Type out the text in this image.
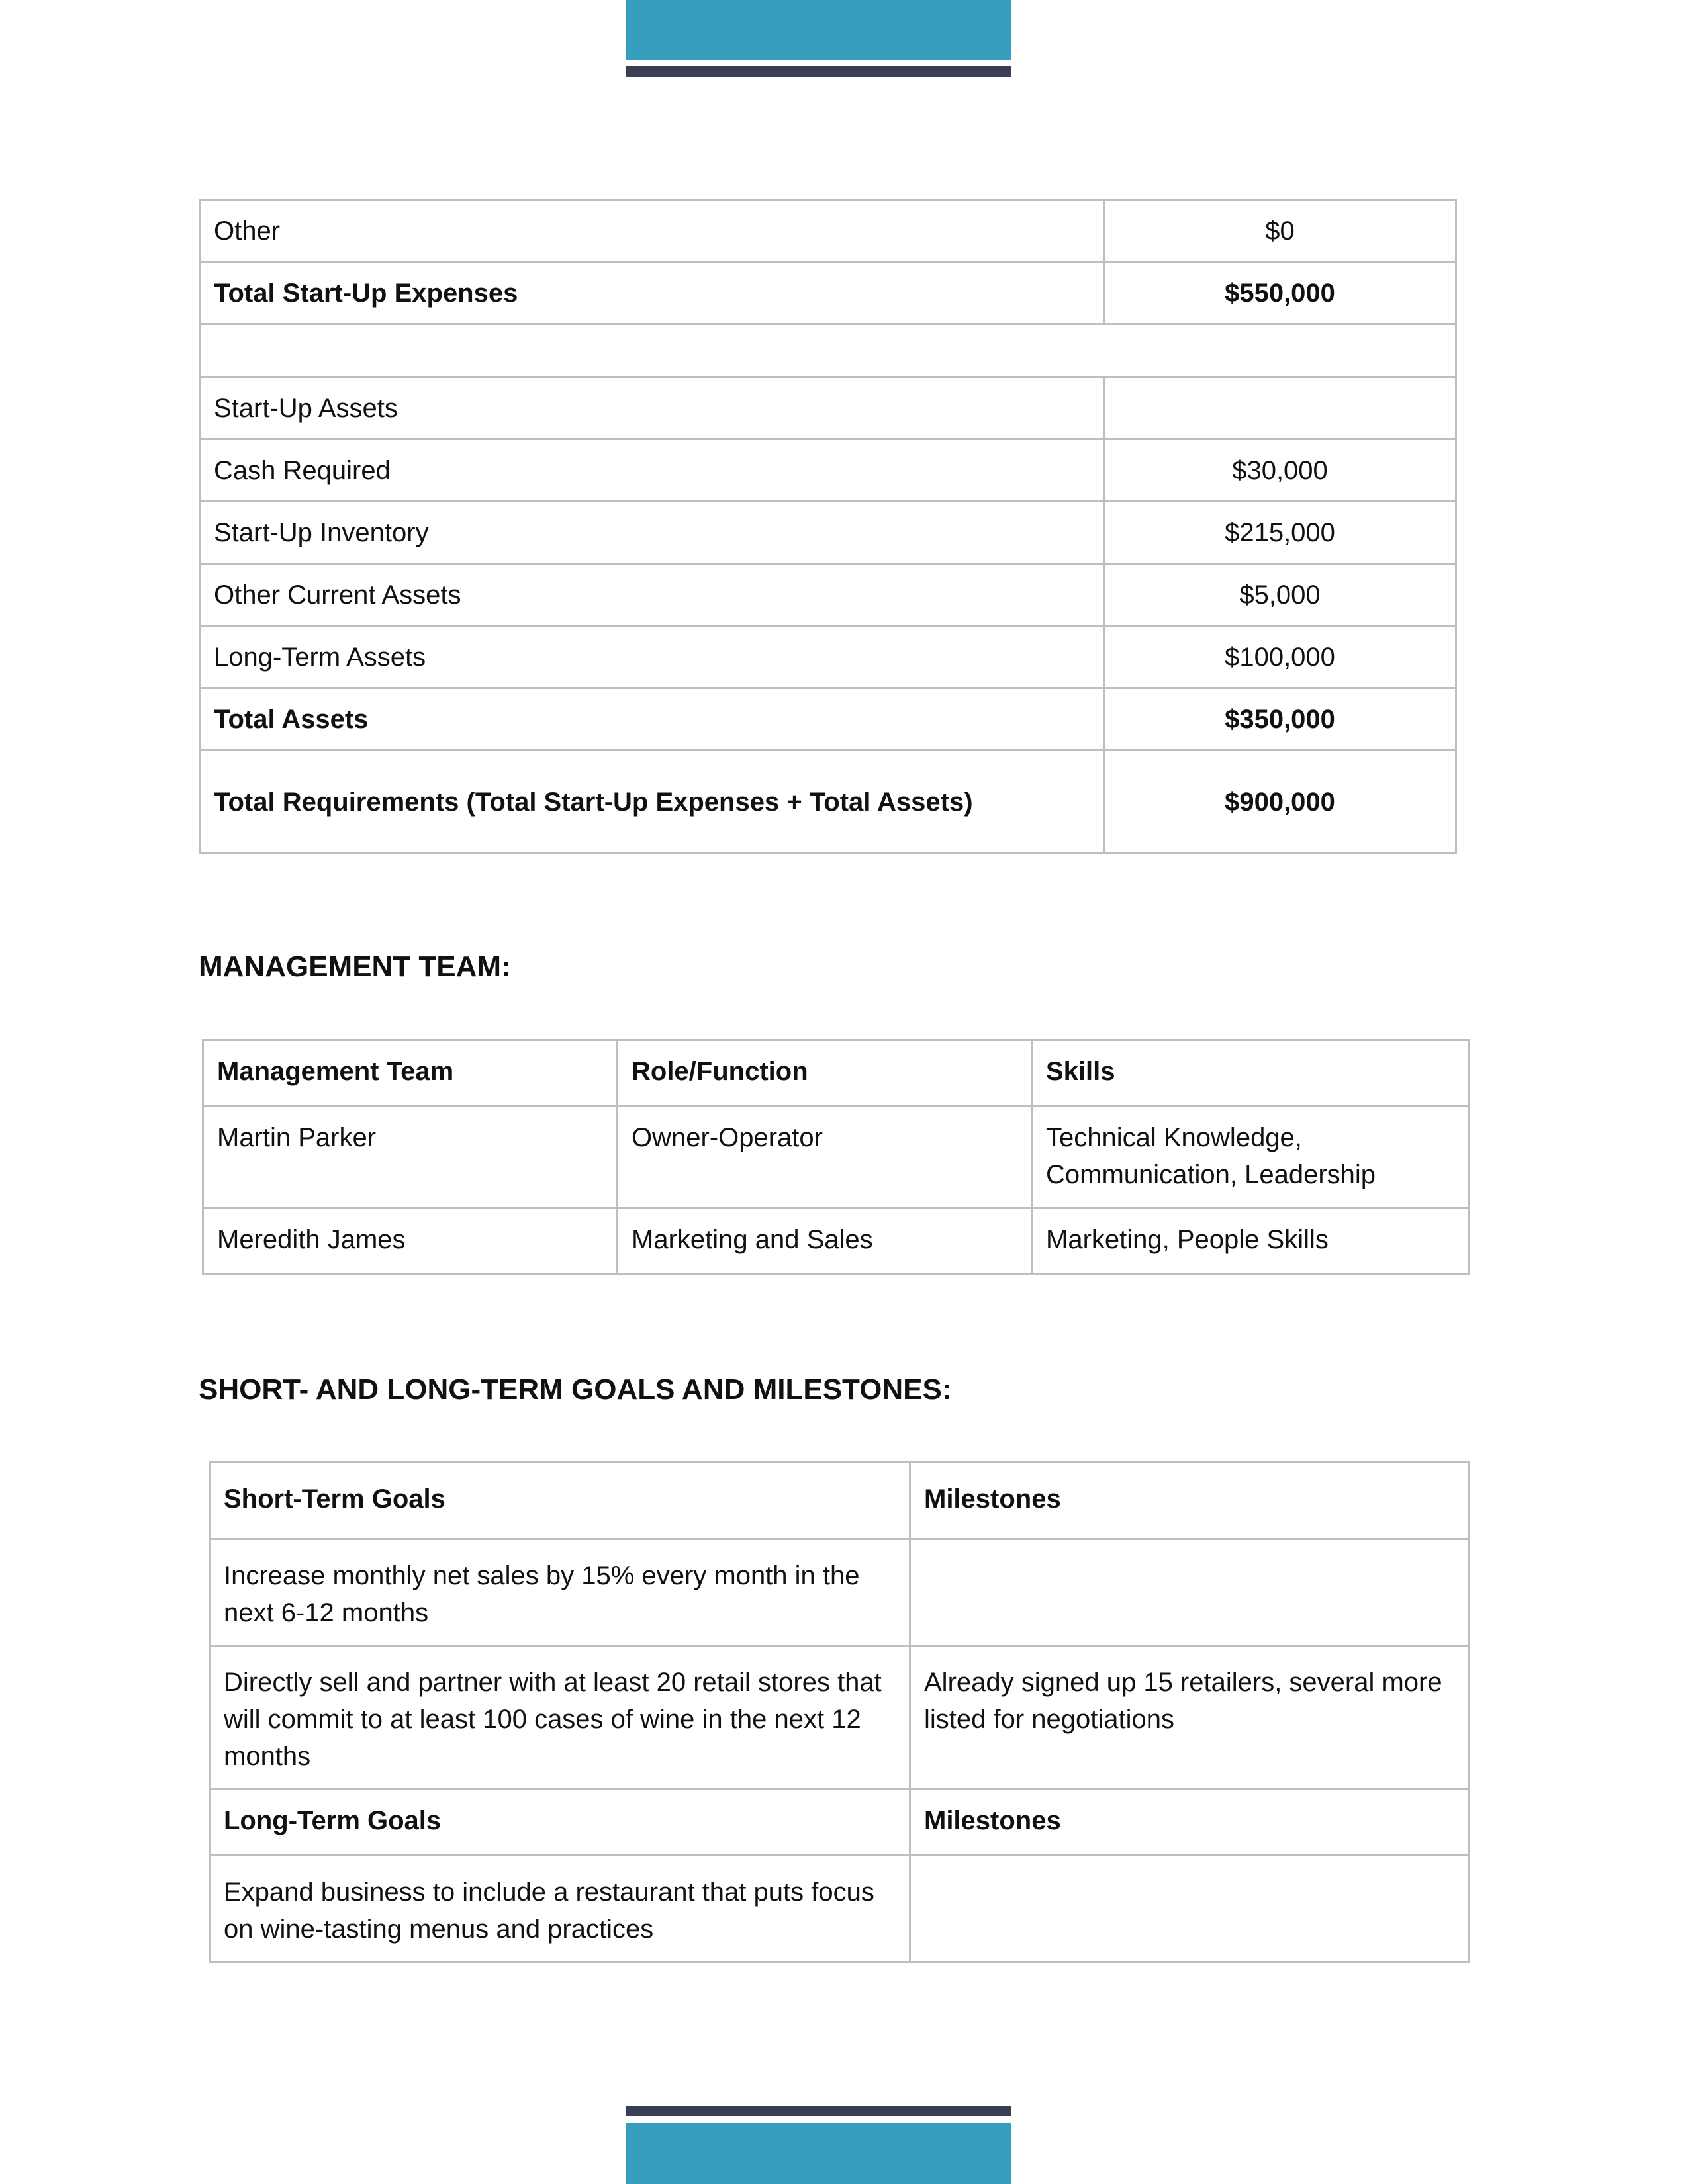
Other	$0
Total Start-Up Expenses	$550,000

Start-Up Assets	
Cash Required	$30,000
Start-Up Inventory	$215,000
Other Current Assets	$5,000
Long-Term Assets	$100,000
Total Assets	$350,000
Total Requirements (Total Start-Up Expenses + Total Assets)	$900,000
MANAGEMENT TEAM:
Management Team	Role/Function	Skills
Martin Parker	Owner-Operator	Technical Knowledge, Communication, Leadership
Meredith James	Marketing and Sales	Marketing, People Skills
SHORT- AND LONG-TERM GOALS AND MILESTONES:
Short-Term Goals	Milestones
Increase monthly net sales by 15% every month in the next 6-12 months	
Directly sell and partner with at least 20 retail stores that will commit to at least 100 cases of wine in the next 12 months	Already signed up 15 retailers, several more listed for negotiations
Long-Term Goals	Milestones
Expand business to include a restaurant that puts focus on wine-tasting menus and practices	
